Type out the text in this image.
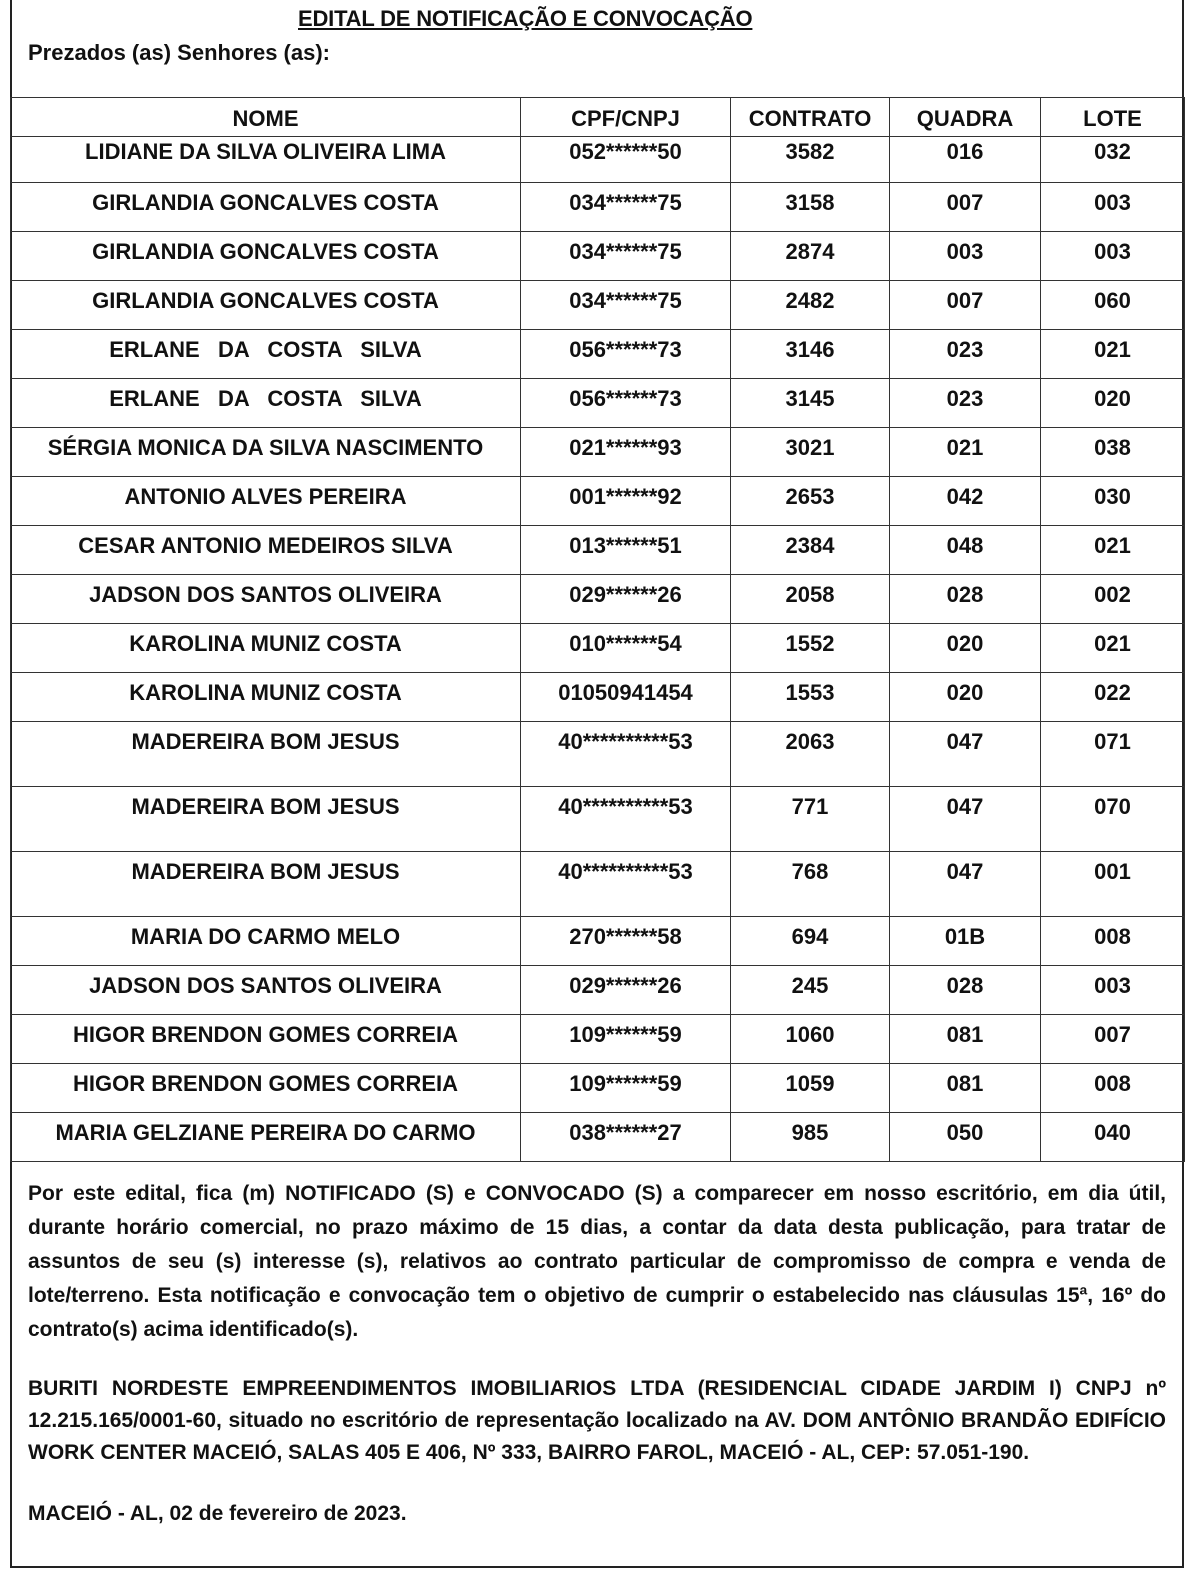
EDITAL DE NOTIFICAÇÃO E CONVOCAÇÃO
Prezados (as) Senhores (as):
NOME	CPF/CNPJ	CONTRATO	QUADRA	LOTE
LIDIANE DA SILVA OLIVEIRA LIMA	052******50	3582	016	032
GIRLANDIA GONCALVES COSTA	034******75	3158	007	003
GIRLANDIA GONCALVES COSTA	034******75	2874	003	003
GIRLANDIA GONCALVES COSTA	034******75	2482	007	060
ERLANE   DA   COSTA   SILVA	056******73	3146	023	021
ERLANE   DA   COSTA   SILVA	056******73	3145	023	020
SÉRGIA MONICA DA SILVA NASCIMENTO	021******93	3021	021	038
ANTONIO ALVES PEREIRA	001******92	2653	042	030
CESAR ANTONIO MEDEIROS SILVA	013******51	2384	048	021
JADSON DOS SANTOS OLIVEIRA	029******26	2058	028	002
KAROLINA MUNIZ COSTA	010******54	1552	020	021
KAROLINA MUNIZ COSTA	01050941454	1553	020	022
MADEREIRA BOM JESUS	40**********53	2063	047	071
MADEREIRA BOM JESUS	40**********53	771	047	070
MADEREIRA BOM JESUS	40**********53	768	047	001
MARIA DO CARMO MELO	270******58	694	01B	008
JADSON DOS SANTOS OLIVEIRA	029******26	245	028	003
HIGOR BRENDON GOMES CORREIA	109******59	1060	081	007
HIGOR BRENDON GOMES CORREIA	109******59	1059	081	008
MARIA GELZIANE PEREIRA DO CARMO	038******27	985	050	040
Por este edital, fica (m) NOTIFICADO (S) e CONVOCADO (S) a comparecer em nosso escritório, em dia útil, durante horário comercial, no prazo máximo de 15 dias, a contar da data desta publicação, para tratar de assuntos de seu (s) interesse (s), relativos ao contrato particular de compromisso de compra e venda de lote/terreno. Esta notificação e convocação tem o objetivo de cumprir o estabelecido nas cláusulas 15ª, 16º do contrato(s) acima identificado(s).
BURITI NORDESTE EMPREENDIMENTOS IMOBILIARIOS LTDA (RESIDENCIAL CIDADE JARDIM I) CNPJ nº 12.215.165/0001-60, situado no escritório de representação localizado na AV. DOM ANTÔNIO BRANDÃO EDIFÍCIO WORK CENTER MACEIÓ, SALAS 405 E 406, Nº 333, BAIRRO FAROL, MACEIÓ - AL, CEP: 57.051-190.
MACEIÓ - AL, 02 de fevereiro de 2023.
